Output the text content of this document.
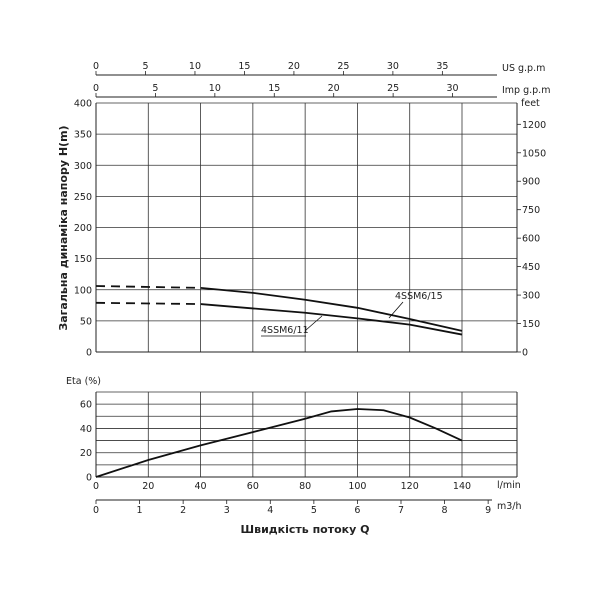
0	5	10	15	20	25	30	35
0	5	10	15	20	25	30
0
50
100
150
200
250
300
350
400
0
150
300
450
600
750
900
1050
1200
4SSM6/15
4SSM6/11
0
20
40
60
0	20	40	60	80	100	120	140
0	1	2	3	4	5	6	7	8	9
Загальна динаміка напору H(m)
Eta (%)
Швидкість потоку Q
US g.p.m
Imp g.p.m
feet
l/min
m3/h
